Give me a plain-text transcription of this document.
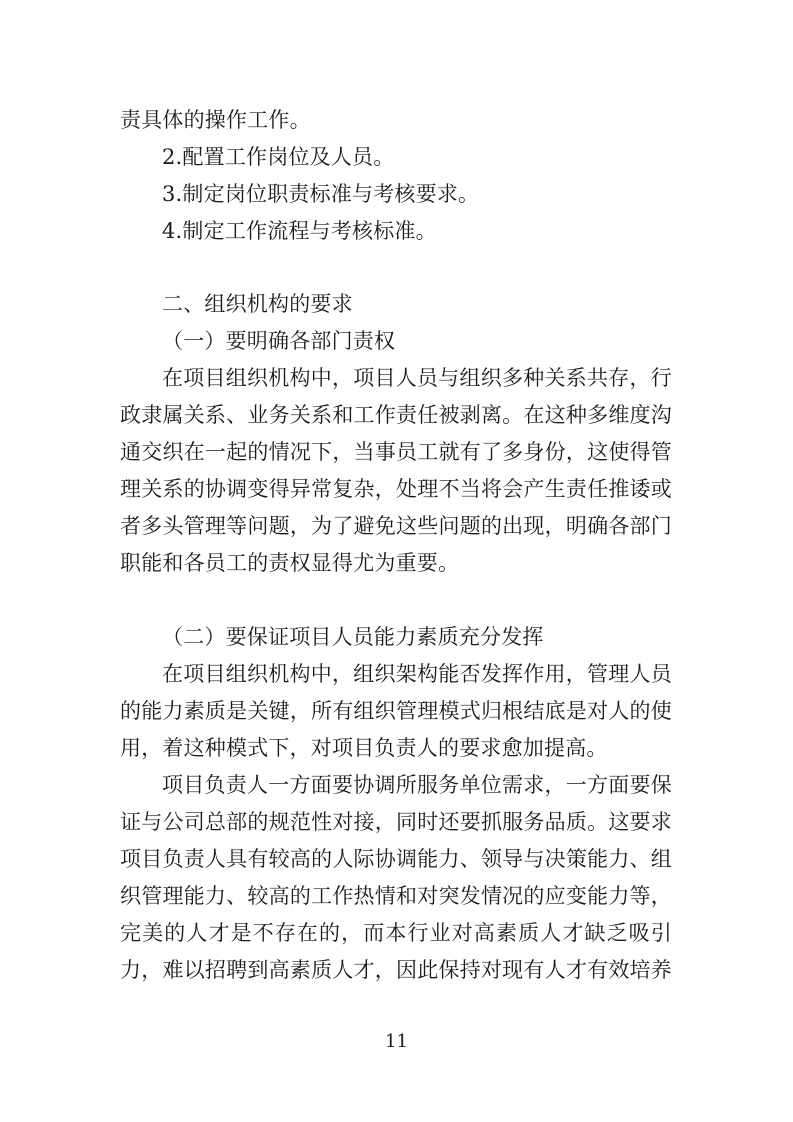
责具体的操作工作。
2.配置工作岗位及人员。
3.制定岗位职责标准与考核要求。
4.制定工作流程与考核标准。
二、组织机构的要求
（一）要明确各部门责权
在项目组织机构中，项目人员与组织多种关系共存，行
政隶属关系、业务关系和工作责任被剥离。在这种多维度沟
通交织在一起的情况下，当事员工就有了多身份，这使得管
理关系的协调变得异常复杂，处理不当将会产生责任推诿或
者多头管理等问题，为了避免这些问题的出现，明确各部门
职能和各员工的责权显得尤为重要。
（二）要保证项目人员能力素质充分发挥
在项目组织机构中，组织架构能否发挥作用，管理人员
的能力素质是关键，所有组织管理模式归根结底是对人的使
用，着这种模式下，对项目负责人的要求愈加提高。
项目负责人一方面要协调所服务单位需求，一方面要保
证与公司总部的规范性对接，同时还要抓服务品质。这要求
项目负责人具有较高的人际协调能力、领导与决策能力、组
织管理能力、较高的工作热情和对突发情况的应变能力等，
完美的人才是不存在的，而本行业对高素质人才缺乏吸引
力，难以招聘到高素质人才，因此保持对现有人才有效培养
11
